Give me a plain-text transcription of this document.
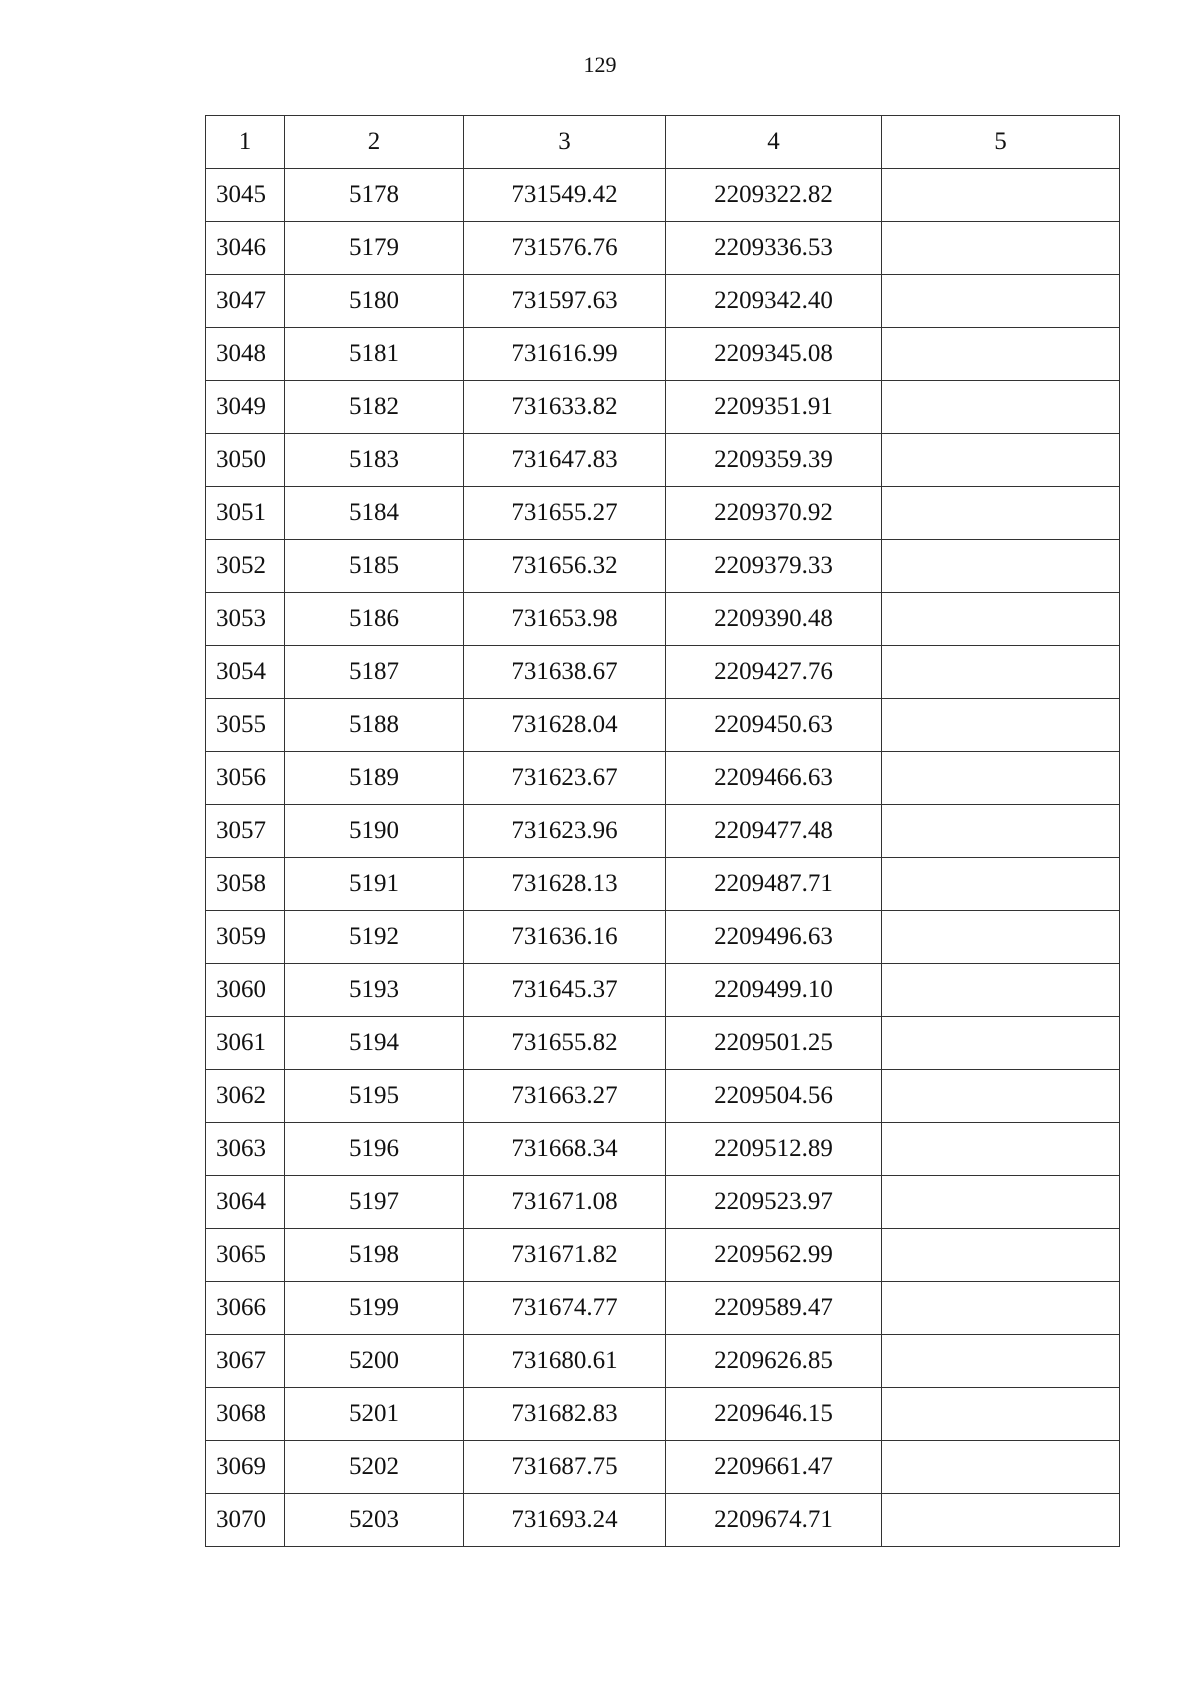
129
1	2	3	4	5
3045	5178	731549.42	2209322.82	
3046	5179	731576.76	2209336.53	
3047	5180	731597.63	2209342.40	
3048	5181	731616.99	2209345.08	
3049	5182	731633.82	2209351.91	
3050	5183	731647.83	2209359.39	
3051	5184	731655.27	2209370.92	
3052	5185	731656.32	2209379.33	
3053	5186	731653.98	2209390.48	
3054	5187	731638.67	2209427.76	
3055	5188	731628.04	2209450.63	
3056	5189	731623.67	2209466.63	
3057	5190	731623.96	2209477.48	
3058	5191	731628.13	2209487.71	
3059	5192	731636.16	2209496.63	
3060	5193	731645.37	2209499.10	
3061	5194	731655.82	2209501.25	
3062	5195	731663.27	2209504.56	
3063	5196	731668.34	2209512.89	
3064	5197	731671.08	2209523.97	
3065	5198	731671.82	2209562.99	
3066	5199	731674.77	2209589.47	
3067	5200	731680.61	2209626.85	
3068	5201	731682.83	2209646.15	
3069	5202	731687.75	2209661.47	
3070	5203	731693.24	2209674.71	
